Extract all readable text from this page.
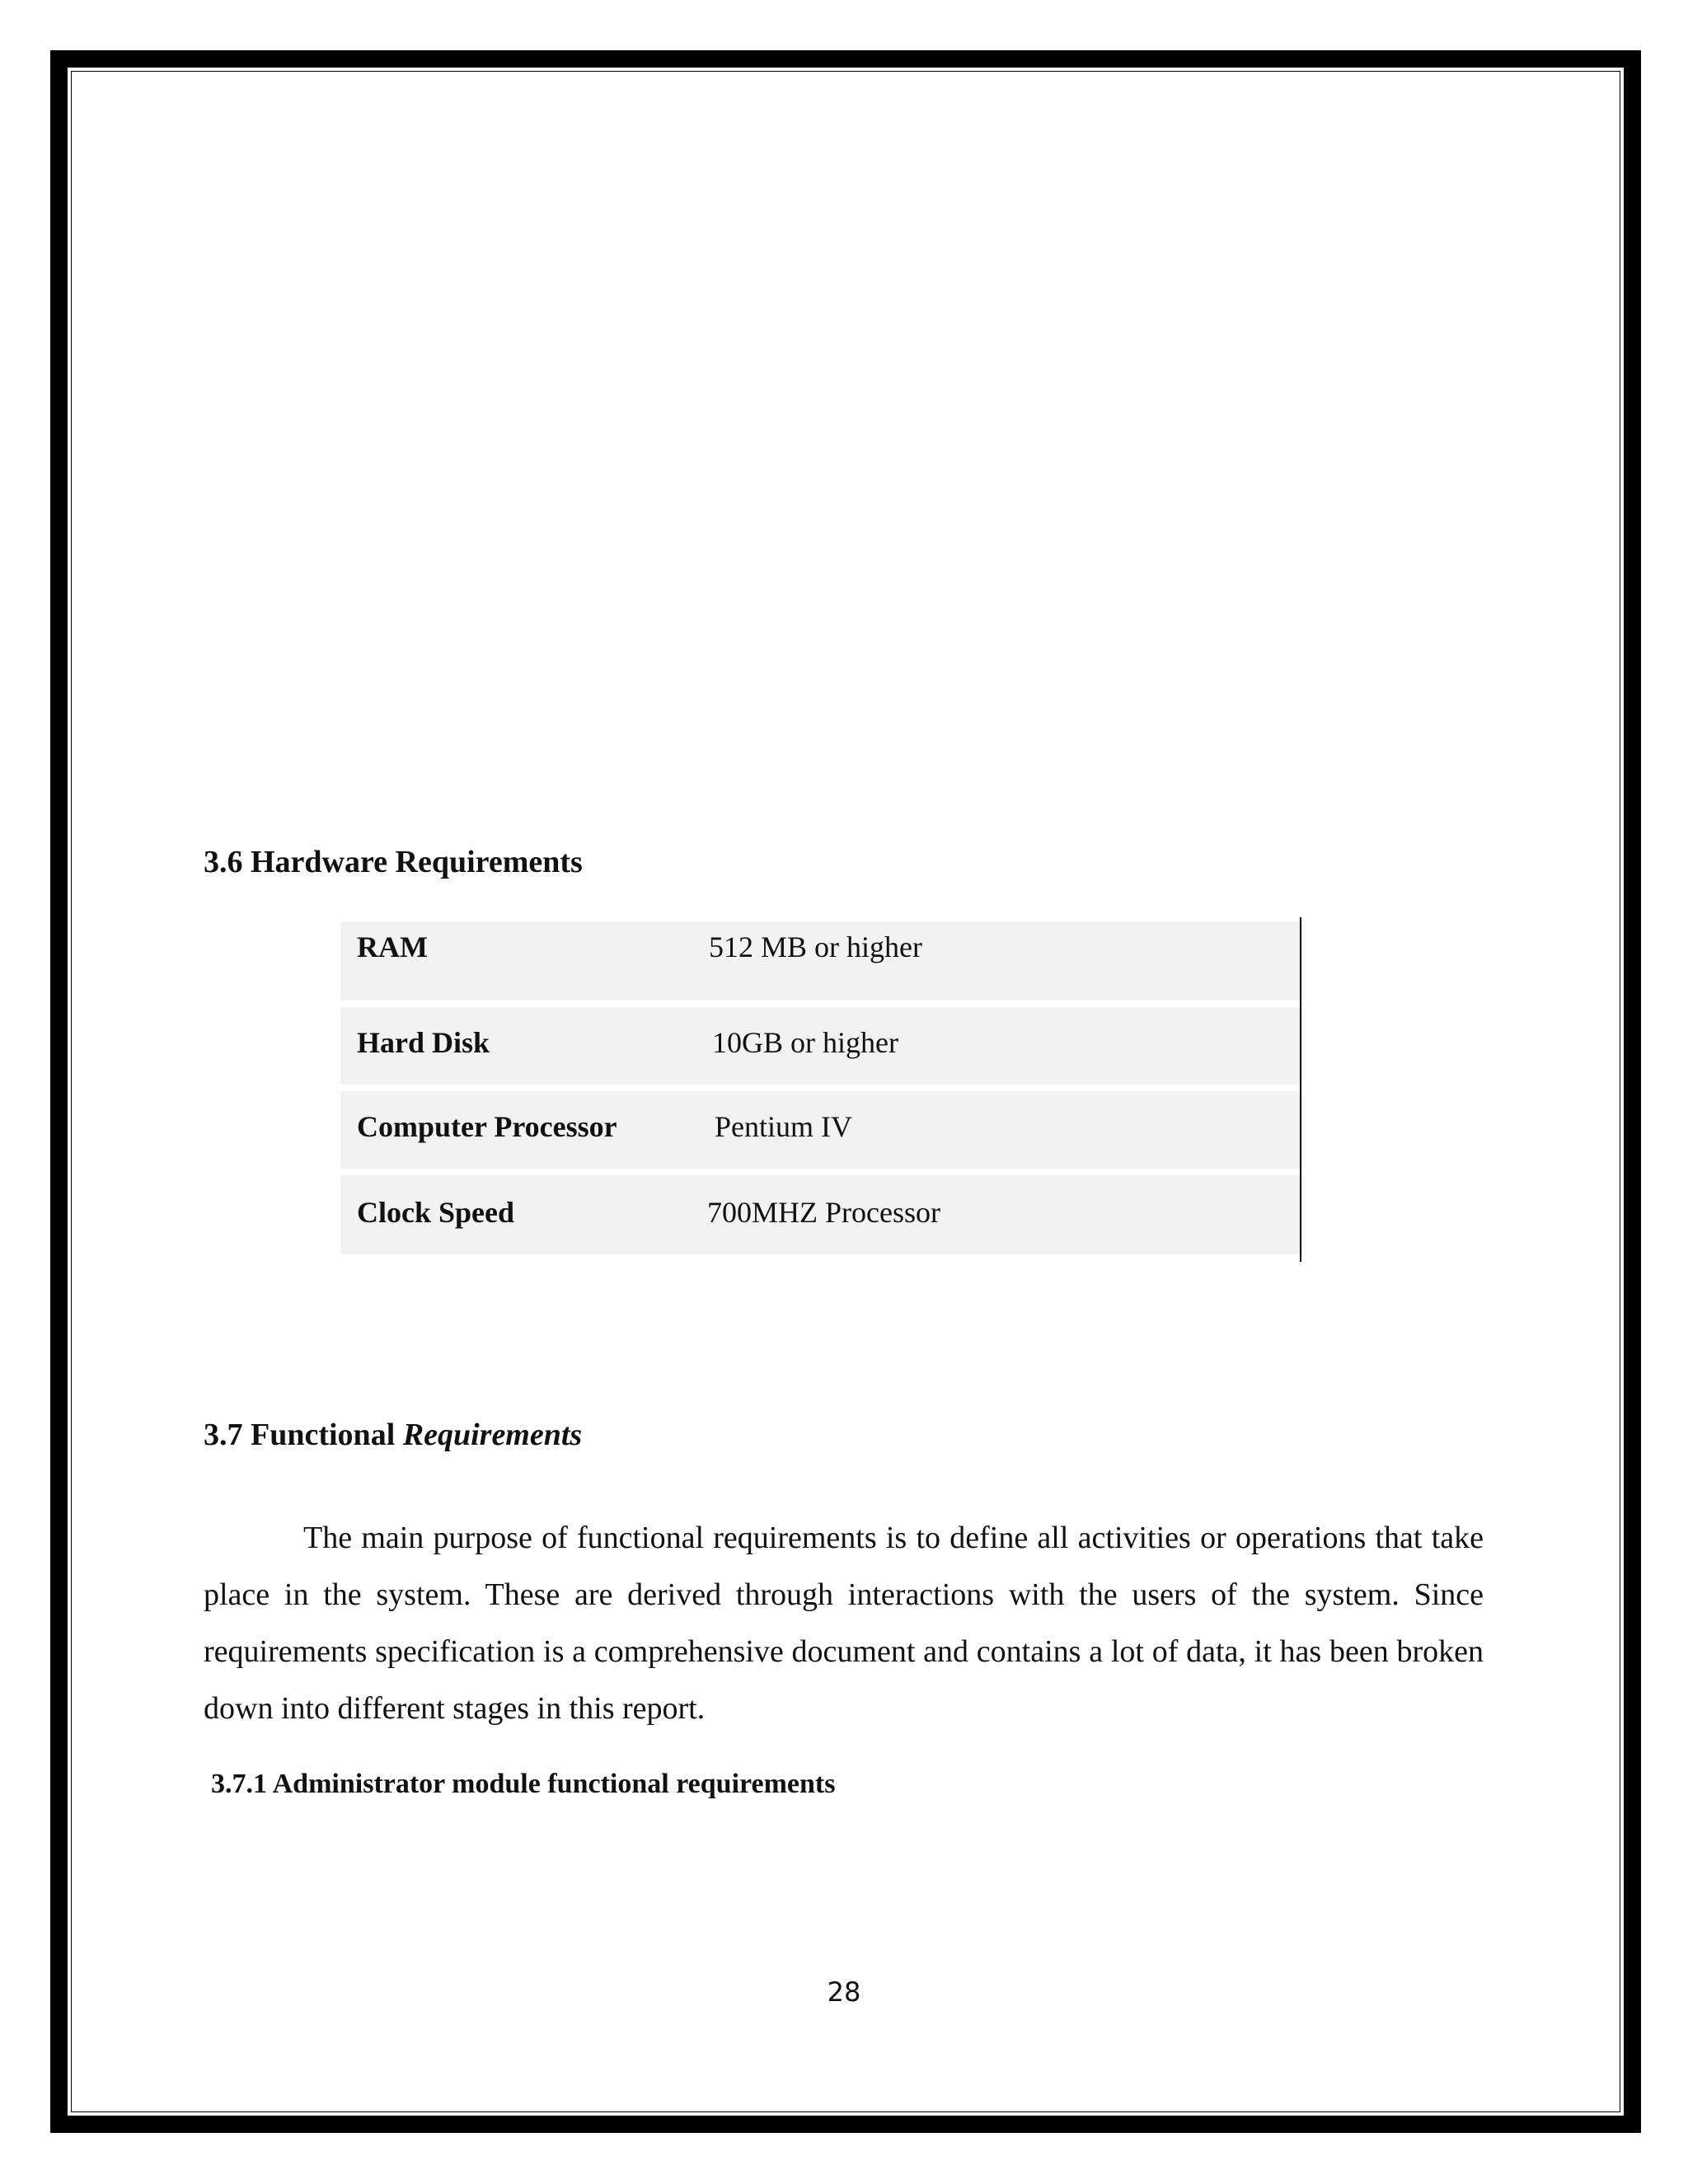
3.6 Hardware Requirements
RAM	512 MB or higher
Hard Disk	10GB or higher
Computer Processor	Pentium IV
Clock Speed	700MHZ Processor
3.7 Functional Requirements

The main purpose of functional requirements is to define all activities or operations that take place in the system. These are derived through interactions with the users of the system. Since requirements specification is a comprehensive document and contains a lot of data, it has been broken down into different stages in this report.

3.7.1 Administrator module functional requirements
28
